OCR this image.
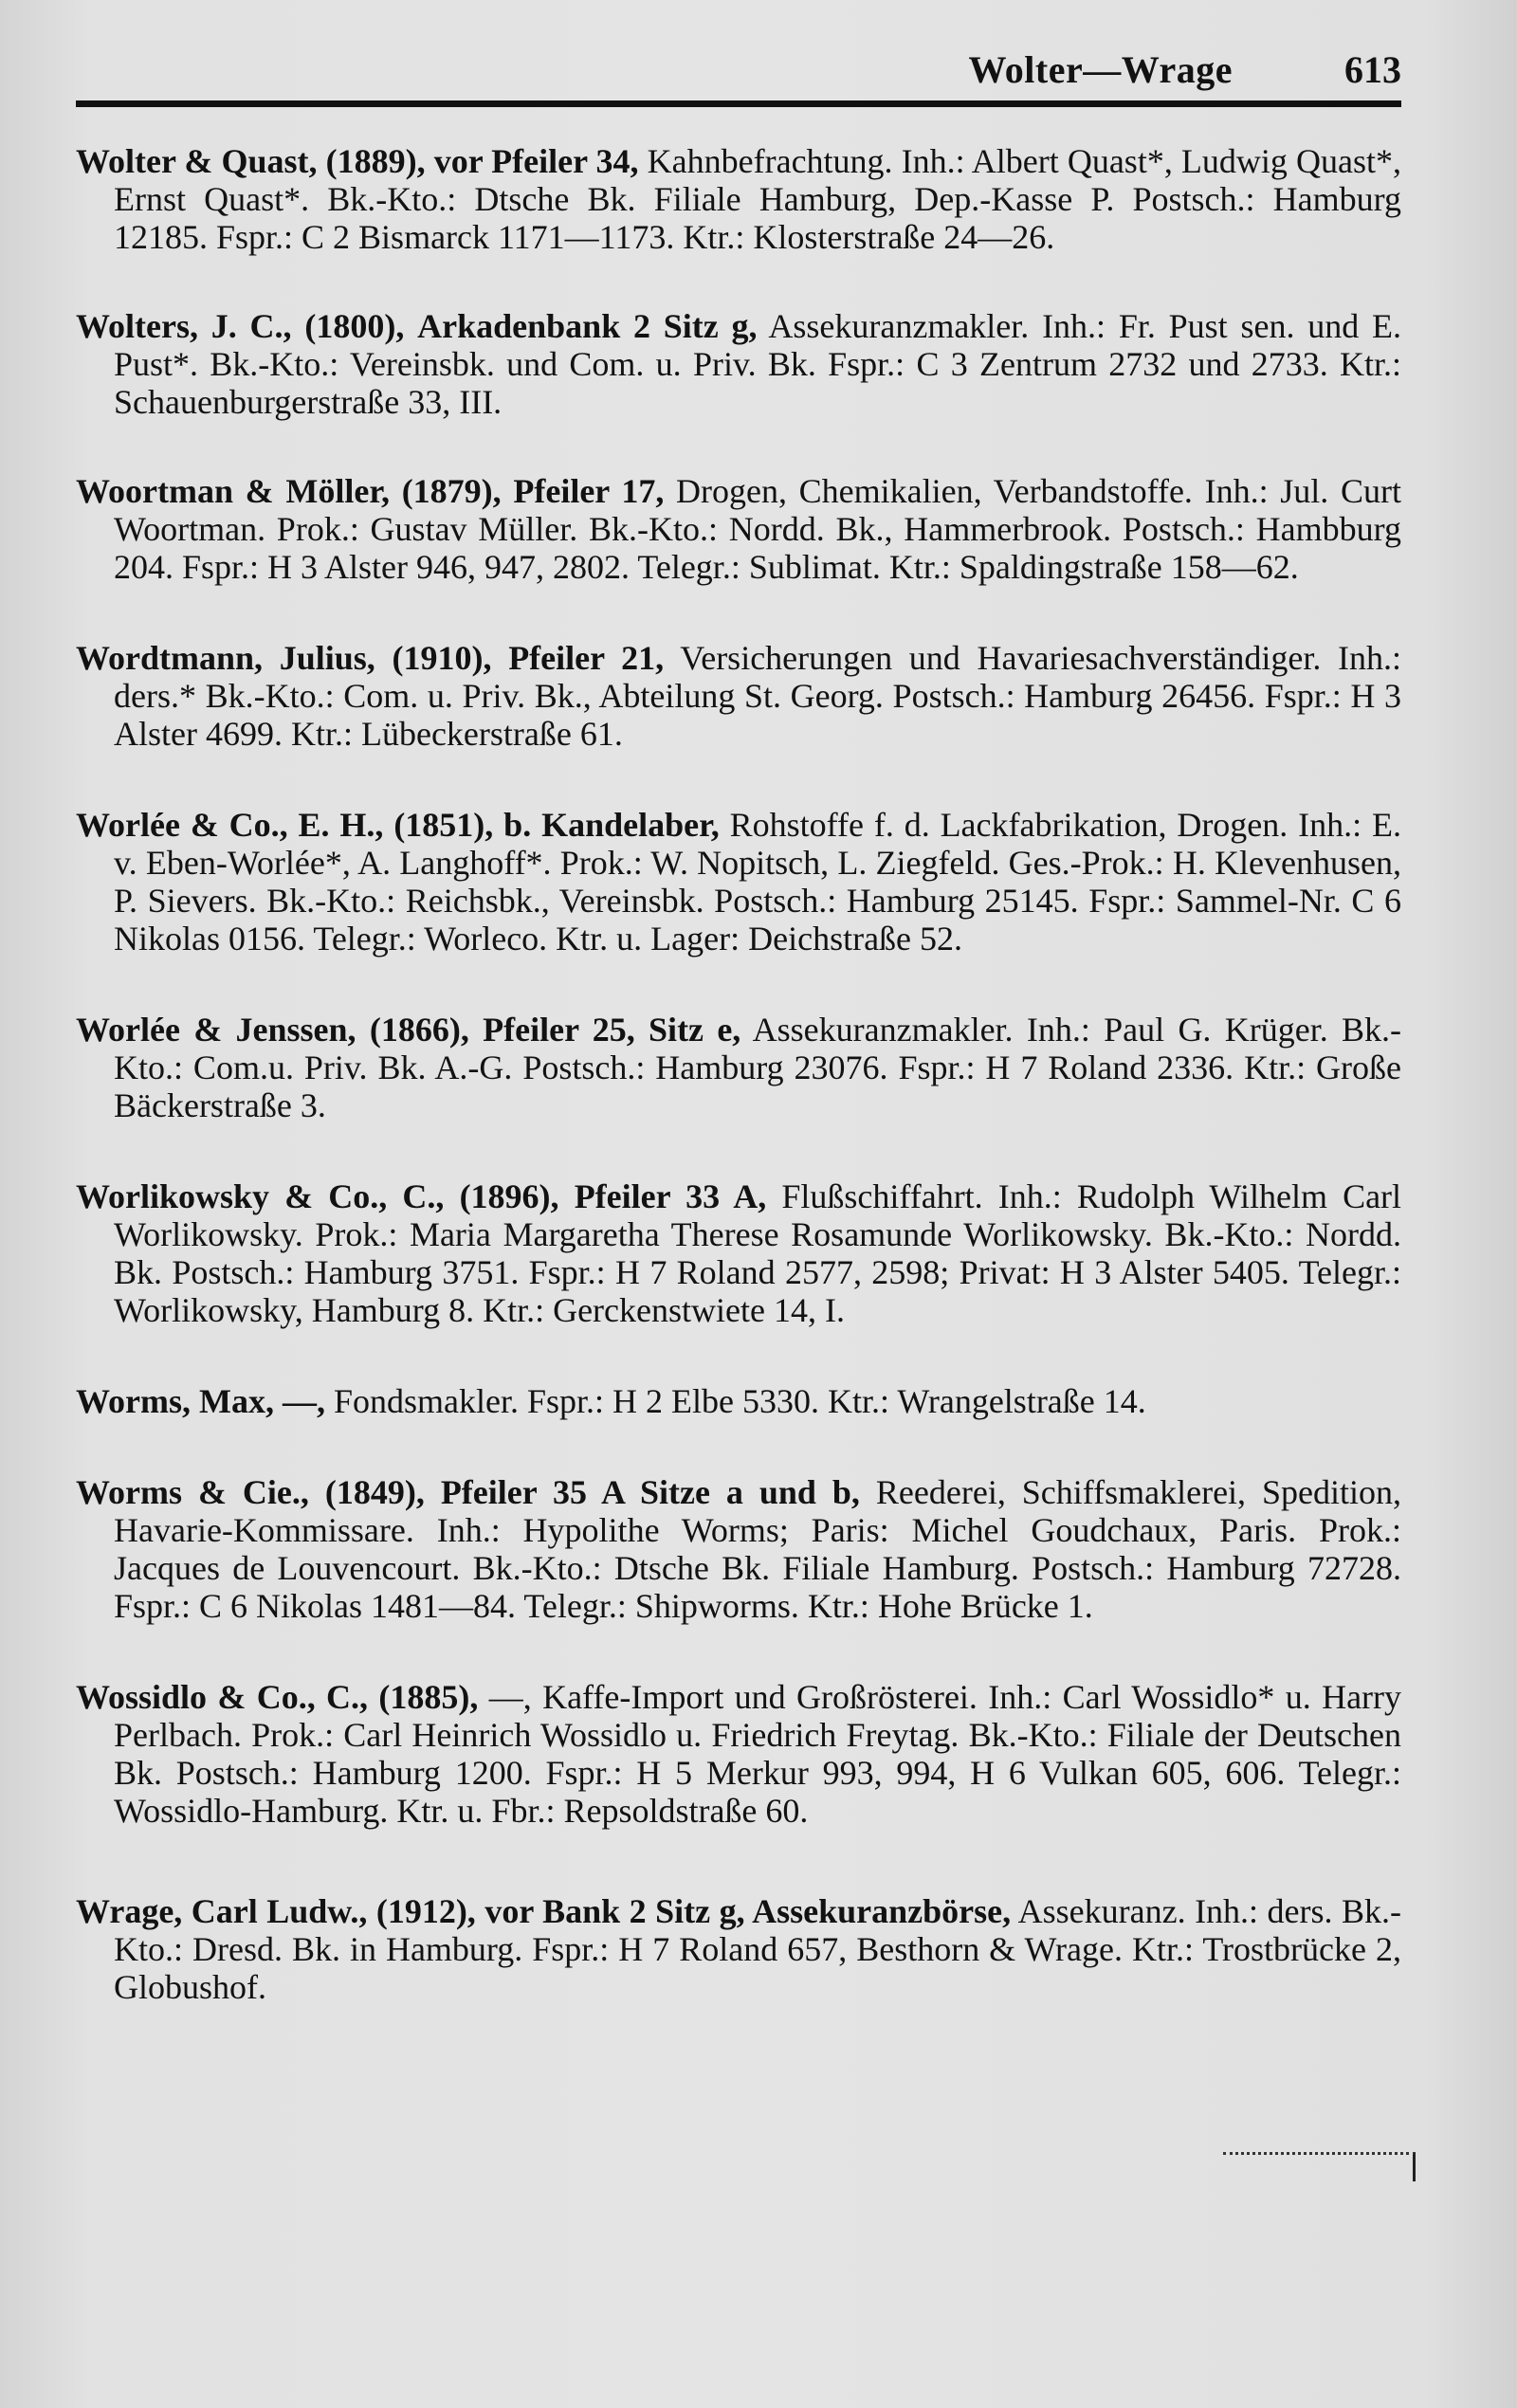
Wolter—Wrage	613

Wolter & Quast, (1889), vor Pfeiler 34, Kahnbefrachtung. Inh.: Albert Quast*, Ludwig Quast*, Ernst Quast*. Bk.-Kto.: Dtsche Bk. Filiale Hamburg, Dep.-Kasse P. Postsch.: Hamburg 12185. Fspr.: C 2 Bismarck 1171—1173. Ktr.: Klosterstraße 24—26.

Wolters, J. C., (1800), Arkadenbank 2 Sitz g, Assekuranzmakler. Inh.: Fr. Pust sen. und E. Pust*. Bk.-Kto.: Vereinsbk. und Com. u. Priv. Bk. Fspr.: C 3 Zentrum 2732 und 2733. Ktr.: Schauenburgerstraße 33, III.

Woortman & Möller, (1879), Pfeiler 17, Drogen, Chemikalien, Verbandstoffe. Inh.: Jul. Curt Woortman. Prok.: Gustav Müller. Bk.-Kto.: Nordd. Bk., Hammerbrook. Postsch.: Hambburg 204. Fspr.: H 3 Alster 946, 947, 2802. Telegr.: Sublimat. Ktr.: Spaldingstraße 158—62.

Wordtmann, Julius, (1910), Pfeiler 21, Versicherungen und Havariesachverständiger. Inh.: ders.* Bk.-Kto.: Com. u. Priv. Bk., Abteilung St. Georg. Postsch.: Hamburg 26456. Fspr.: H 3 Alster 4699. Ktr.: Lübeckerstraße 61.

Worlée & Co., E. H., (1851), b. Kandelaber, Rohstoffe f. d. Lackfabrikation, Drogen. Inh.: E. v. Eben-Worlée*, A. Langhoff*. Prok.: W. Nopitsch, L. Ziegfeld. Ges.-Prok.: H. Klevenhusen, P. Sievers. Bk.-Kto.: Reichsbk., Vereinsbk. Postsch.: Hamburg 25145. Fspr.: Sammel-Nr. C 6 Nikolas 0156. Telegr.: Worleco. Ktr. u. Lager: Deichstraße 52.

Worlée & Jenssen, (1866), Pfeiler 25, Sitz e, Assekuranzmakler. Inh.: Paul G. Krüger. Bk.-Kto.: Com.u. Priv. Bk. A.-G. Postsch.: Hamburg 23076. Fspr.: H 7 Roland 2336. Ktr.: Große Bäckerstraße 3.

Worlikowsky & Co., C., (1896), Pfeiler 33 A, Flußschiffahrt. Inh.: Rudolph Wilhelm Carl Worlikowsky. Prok.: Maria Margaretha Therese Rosamunde Worlikowsky. Bk.-Kto.: Nordd. Bk. Postsch.: Hamburg 3751. Fspr.: H 7 Roland 2577, 2598; Privat: H 3 Alster 5405. Telegr.: Worlikowsky, Hamburg 8. Ktr.: Gerckenstwiete 14, I.

Worms, Max, —, Fondsmakler. Fspr.: H 2 Elbe 5330. Ktr.: Wrangelstraße 14.

Worms & Cie., (1849), Pfeiler 35 A Sitze a und b, Reederei, Schiffsmaklerei, Spedition, Havarie-Kommissare. Inh.: Hypolithe Worms; Paris: Michel Goudchaux, Paris. Prok.: Jacques de Louvencourt. Bk.-Kto.: Dtsche Bk. Filiale Hamburg. Postsch.: Hamburg 72728. Fspr.: C 6 Nikolas 1481—84. Telegr.: Shipworms. Ktr.: Hohe Brücke 1.

Wossidlo & Co., C., (1885), —, Kaffe-Import und Großrösterei. Inh.: Carl Wossidlo* u. Harry Perlbach. Prok.: Carl Heinrich Wossidlo u. Friedrich Freytag. Bk.-Kto.: Filiale der Deutschen Bk. Postsch.: Hamburg 1200. Fspr.: H 5 Merkur 993, 994, H 6 Vulkan 605, 606. Telegr.: Wossidlo-Hamburg. Ktr. u. Fbr.: Repsoldstraße 60.

Wrage, Carl Ludw., (1912), vor Bank 2 Sitz g, Assekuranzbörse, Assekuranz. Inh.: ders. Bk.-Kto.: Dresd. Bk. in Hamburg. Fspr.: H 7 Roland 657, Besthorn & Wrage. Ktr.: Trostbrücke 2, Globushof.
